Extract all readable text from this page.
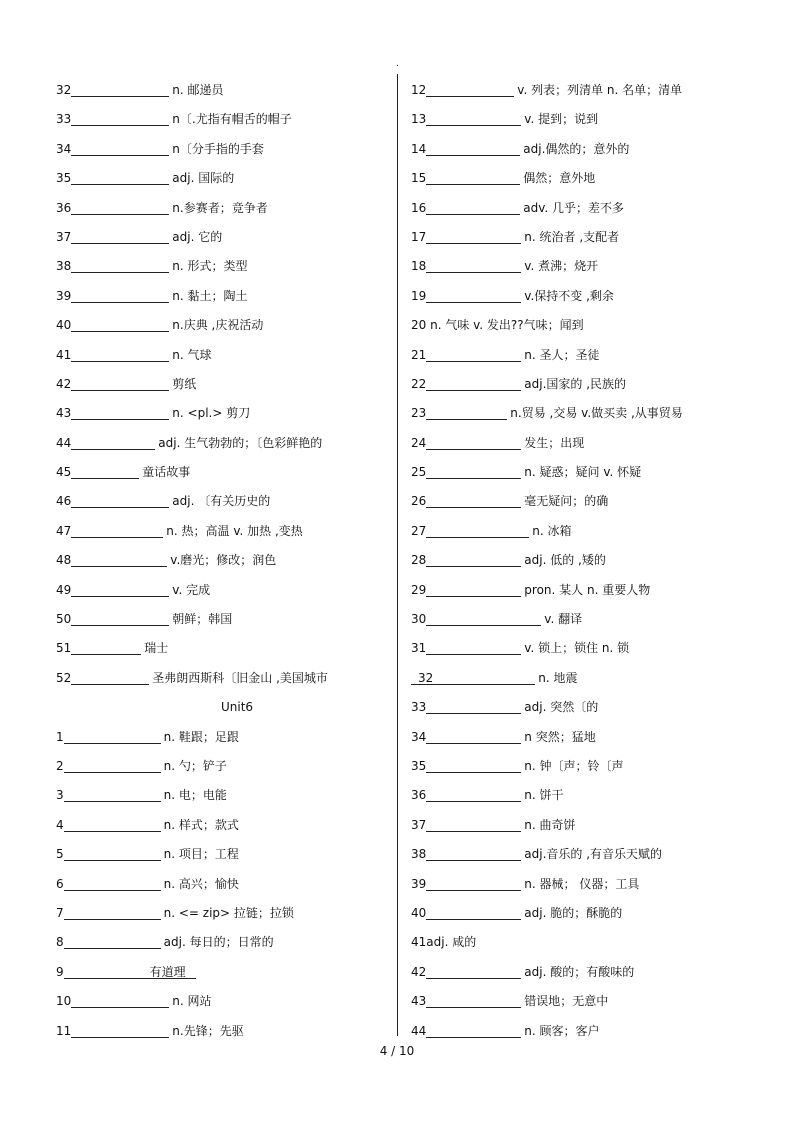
.
32	n. 邮递员
33	n〔.尤指有帽舌的帽子
34	n〔分手指的手套
35	adj. 国际的
36	n.参赛者；竞争者
37	adj. 它的
38	n. 形式；类型
39	n. 黏土；陶土
40	n.庆典 ,庆祝活动
41	n. 气球
42	剪纸
43	n. <pl.> 剪刀
44	adj. 生气勃勃的；〔色彩鲜艳的
45	童话故事
46	adj. 〔有关历史的
47	n. 热；高温 v. 加热 ,变热
48	v.磨光；修改；润色
49	v. 完成
50	朝鲜；韩国
51	瑞士
52	圣弗朗西斯科〔旧金山 ,美国城市
Unit6
1	n. 鞋跟；足跟
2	n. 勺；铲子
3	n. 电；电能
4	n. 样式；款式
5	n. 项目；工程
6	n. 高兴；愉快
7	n. <= zip> 拉链；拉锁
8	adj. 每日的；日常的
9	有道理
10	n. 网站
11	n.先锋；先驱
12	v. 列表；列清单 n. 名单；清单
13	v. 提到；说到
14	adj.偶然的；意外的
15	偶然；意外地
16	adv. 几乎；差不多
17	n. 统治者 ,支配者
18	v. 煮沸；烧开
19	v.保持不变 ,剩余
20 n. 气味 v. 发出??气味；闻到
21	n. 圣人；圣徒
22	adj.国家的 ,民族的
23	n.贸易 ,交易 v.做买卖 ,从事贸易
24	发生；出现
25	n. 疑惑；疑问 v. 怀疑
26	毫无疑问；的确
27	n. 冰箱
28	adj. 低的 ,矮的
29	pron. 某人 n. 重要人物
30	v. 翻译
31	v. 锁上；锁住 n. 锁
32	n. 地震
33	adj. 突然〔的
34	n 突然；猛地
35	n. 钟〔声；铃〔声
36	n. 饼干
37	n. 曲奇饼
38	adj.音乐的 ,有音乐天赋的
39	n. 器械； 仪器；工具
40	adj. 脆的；酥脆的
41adj. 咸的
42	adj. 酸的；有酸味的
43	错误地；无意中
44	n. 顾客；客户
4 / 10
